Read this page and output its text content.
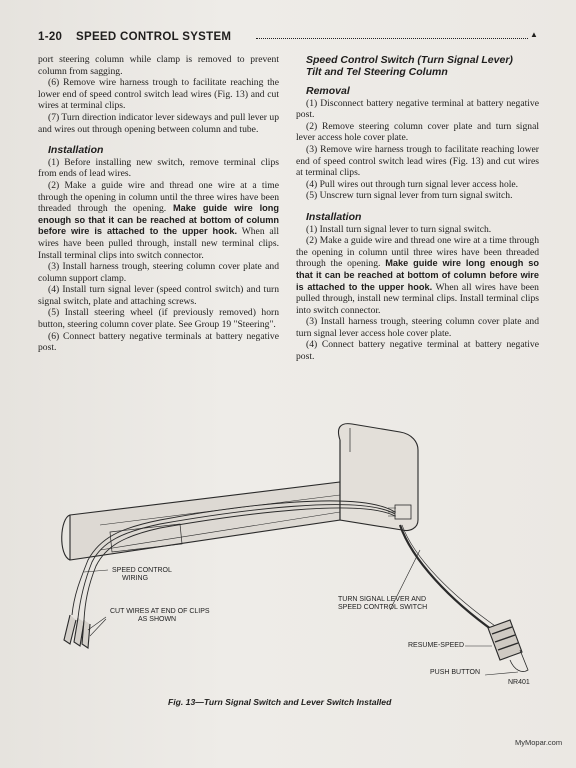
1-20 SPEED CONTROL SYSTEM	▲

port steering column while clamp is removed to prevent column from sagging.

(6) Remove wire harness trough to facilitate reaching the lower end of speed control switch lead wires (Fig. 13) and cut wires at terminal clips.

(7) Turn direction indicator lever sideways and pull lever up and wires out through opening between column and tube.

Installation

(1) Before installing new switch, remove terminal clips from ends of lead wires.

(2) Make a guide wire and thread one wire at a time through the opening in column until the three wires have been threaded through the opening. Make guide wire long enough so that it can be reached at bottom of column before wire is attached to the upper hook. When all wires have been pulled through, install new terminal clips. Install terminal clips into switch connector.

(3) Install harness trough, steering column cover plate and column support clamp.

(4) Install turn signal lever (speed control switch) and turn signal switch, plate and attaching screws.

(5) Install steering wheel (if previously removed) horn button, steering column cover plate. See Group 19 "Steering".

(6) Connect battery negative terminals at battery negative post.

Speed Control Switch (Turn Signal Lever)

Tilt and Tel Steering Column

Removal

(1) Disconnect battery negative terminal at battery negative post.

(2) Remove steering column cover plate and turn signal lever access hole cover plate.

(3) Remove wire harness trough to facilitate reaching lower end of speed control switch lead wires (Fig. 13) and cut wires at terminal clips.

(4) Pull wires out through turn signal lever access hole.

(5) Unscrew turn signal lever from turn signal switch.

Installation

(1) Install turn signal lever to turn signal switch.

(2) Make a guide wire and thread one wire at a time through the opening in column until three wires have been threaded through the opening. Make guide wire long enough so that it can be reached at bottom of column before wire is attached to the upper hook. When all wires have been pulled through, install new terminal clips. Install terminal clips into switch connector.

(3) Install harness trough, steering column cover plate and turn signal lever access hole cover plate.

(4) Connect battery negative terminal at battery negative post.

SPEED CONTROL
WIRING
CUT WIRES AT END OF CLIPS
AS SHOWN
TURN SIGNAL LEVER AND
SPEED CONTROL SWITCH
RESUME-SPEED
PUSH BUTTON
NR401
Fig. 13—Turn Signal Switch and Lever Switch Installed
MyMopar.com
